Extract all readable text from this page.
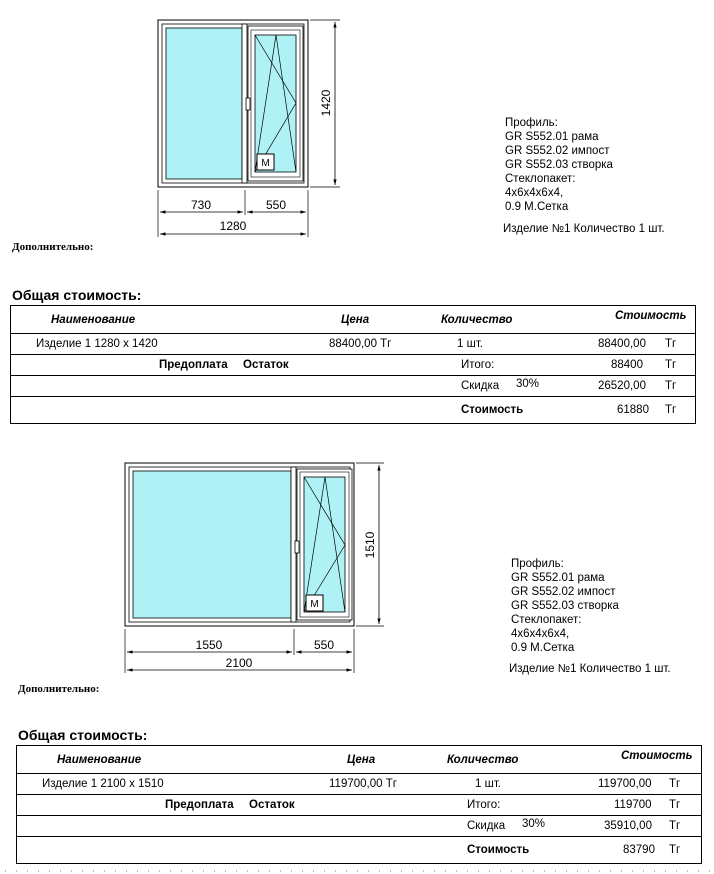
M
730	550
1280
1420
Профиль:
GR S552.01 рама
GR S552.02 импост
GR S552.03 створка
Стеклопакет:
4х6х4х6х4,
0.9 М.Сетка
Изделие №1 Количество 1 шт.
Дополнительно:
Общая стоимость:
Наименование	Цена	Количество	Стоимость

Изделие 1 1280 х 1420	88400,00 Тг	1 шт.	88400,00 Тг

Предоплата Остаток	Итого:	88400 Тг

Скидка 30%	26520,00 Тг

Стоимость	61880 Тг
M
1550	550
2100
1510
Профиль:
GR S552.01 рама
GR S552.02 импост
GR S552.03 створка
Стеклопакет:
4х6х4х6х4,
0.9 М.Сетка
Изделие №1 Количество 1 шт.
Дополнительно:
Общая стоимость:
Наименование	Цена	Количество	Стоимость

Изделие 1 2100 х 1510	119700,00 Тг	1 шт.	119700,00 Тг

Предоплата Остаток	Итого:	119700 Тг

Скидка 30%	35910,00 Тг

Стоимость	83790 Тг
